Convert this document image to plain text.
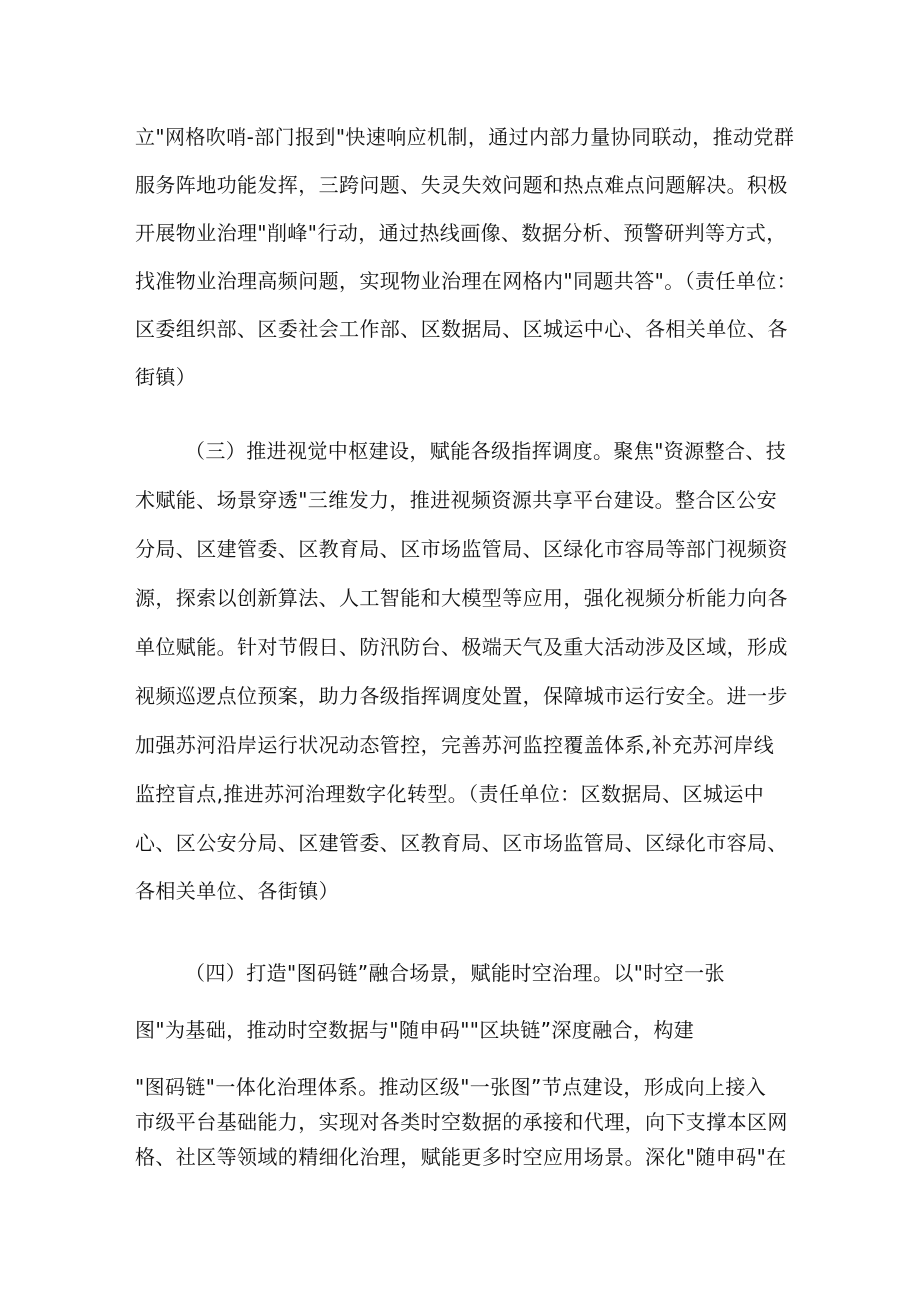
立"网格吹哨-部门报到"快速响应机制，通过内部力量协同联动，推动党群
服务阵地功能发挥，三跨问题、失灵失效问题和热点难点问题解决。积极
开展物业治理"削峰"行动，通过热线画像、数据分析、预警研判等方式，
找准物业治理高频问题，实现物业治理在网格内"同题共答"。（责任单位：
区委组织部、区委社会工作部、区数据局、区城运中心、各相关单位、各
街镇）
（三）推进视觉中枢建设，赋能各级指挥调度。聚焦"资源整合、技
术赋能、场景穿透"三维发力，推进视频资源共享平台建设。整合区公安
分局、区建管委、区教育局、区市场监管局、区绿化市容局等部门视频资
源，探索以创新算法、人工智能和大模型等应用，强化视频分析能力向各
单位赋能。针对节假日、防汛防台、极端天气及重大活动涉及区域，形成
视频巡逻点位预案，助力各级指挥调度处置，保障城市运行安全。进一步
加强苏河沿岸运行状况动态管控，完善苏河监控覆盖体系,补充苏河岸线
监控盲点,推进苏河治理数字化转型。（责任单位：区数据局、区城运中
心、区公安分局、区建管委、区教育局、区市场监管局、区绿化市容局、
各相关单位、各街镇）
（四）打造"图码链”融合场景，赋能时空治理。以"时空一张
图"为基础，推动时空数据与"随申码""区块链”深度融合，构建
"图码链"一体化治理体系。推动区级"一张图”节点建设，形成向上接入
市级平台基础能力，实现对各类时空数据的承接和代理，向下支撑本区网
格、社区等领域的精细化治理，赋能更多时空应用场景。深化"随申码"在
